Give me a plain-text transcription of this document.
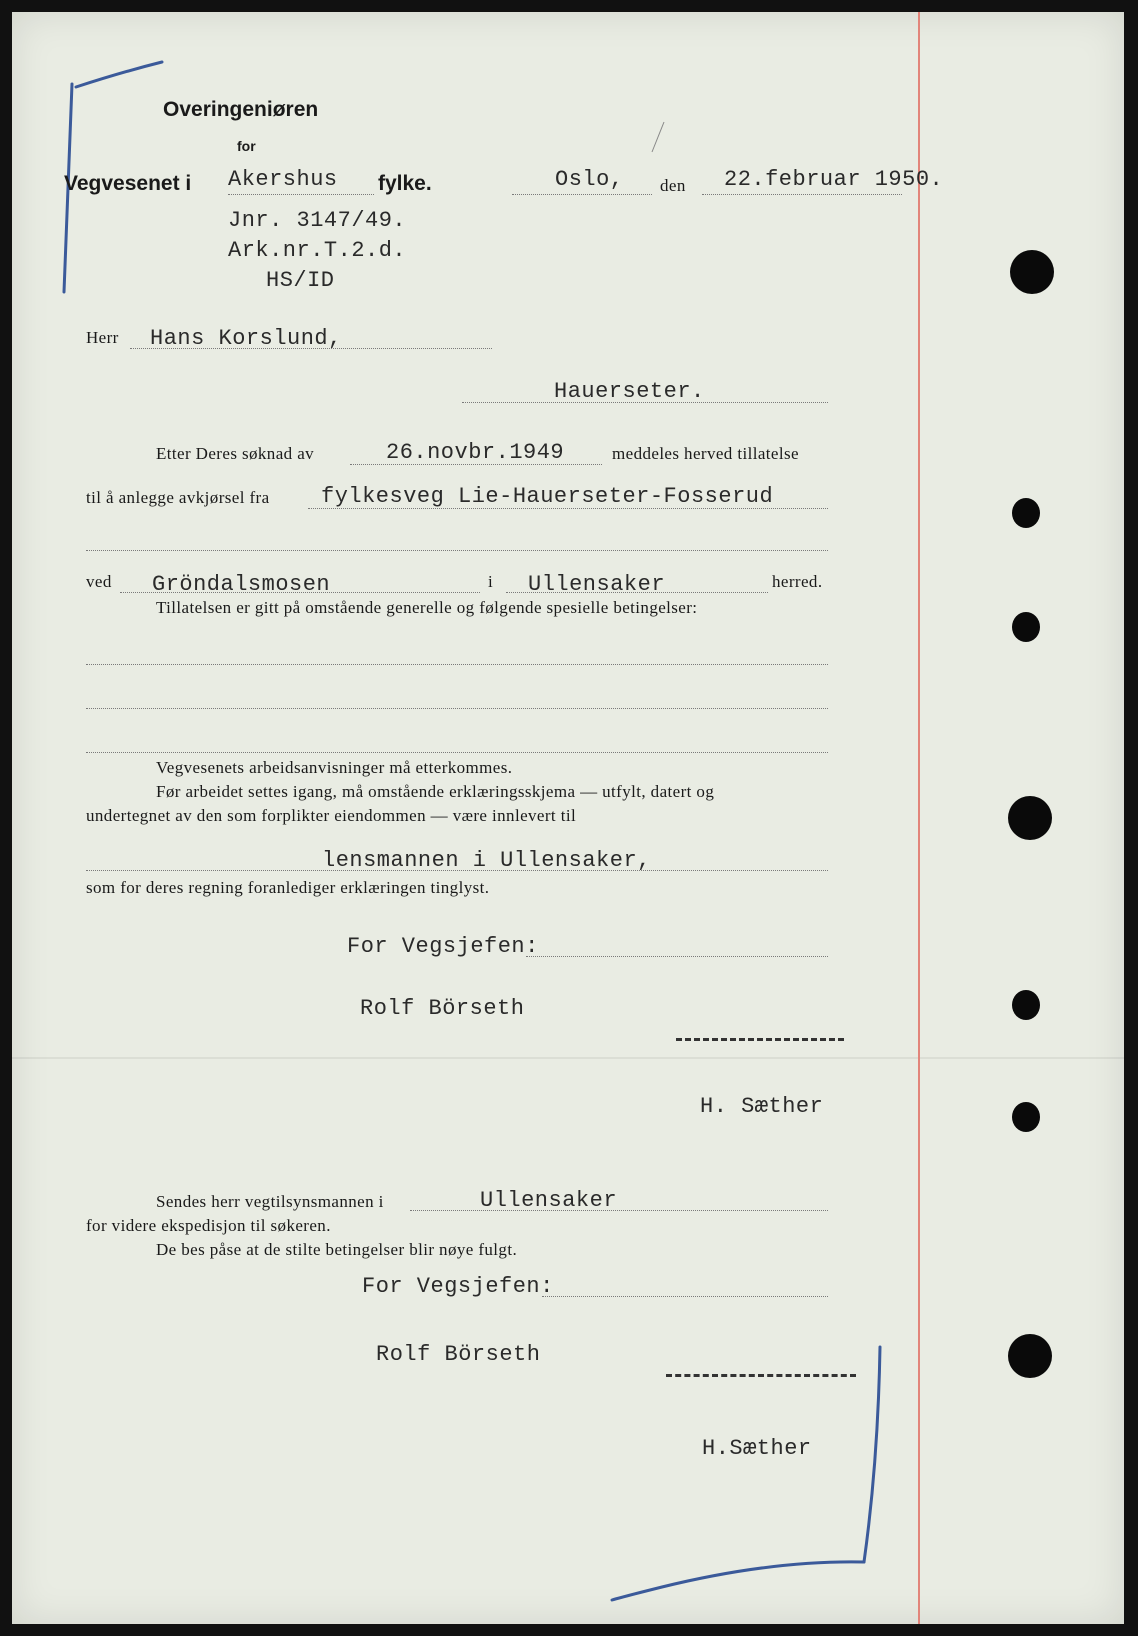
Overingeniøren
for
Vegvesenet i Akershus fylke.	Oslo, den 22.februar 1950.
Jnr. 3147/49.
Ark.nr.T.2.d.
HS/ID
Herr Hans Korslund,
Hauerseter.
Etter Deres søknad av	26.novbr.1949	meddeles herved tillatelse
til å anlegge avkjørsel fra fylkesveg Lie-Hauerseter-Fosserud
ved Gröndalsmosen	i Ullensaker	herred.
Tillatelsen er gitt på omstående generelle og følgende spesielle betingelser:
Vegvesenets arbeidsanvisninger må etterkommes.
Før arbeidet settes igang, må omstående erklæringsskjema — utfylt, datert og
undertegnet av den som forplikter eiendommen — være innlevert til
lensmannen i Ullensaker,
som for deres regning foranlediger erklæringen tinglyst.
For Vegsjefen:
Rolf Börseth
H. Sæther
Sendes herr vegtilsynsmannen i	Ullensaker
for videre ekspedisjon til søkeren.
De bes påse at de stilte betingelser blir nøye fulgt.
For Vegsjefen:
Rolf Börseth
H.Sæther
